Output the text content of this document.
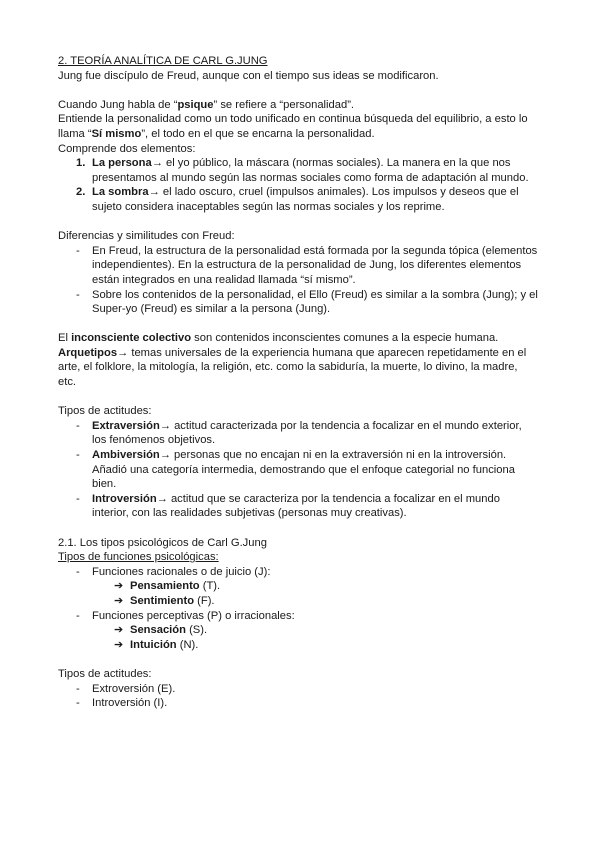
2. TEORÍA ANALÍTICA DE CARL G.JUNG

Jung fue discípulo de Freud, aunque con el tiempo sus ideas se modificaron.

Cuando Jung habla de “psique” se refiere a “personalidad”.

Entiende la personalidad como un todo unificado en continua búsqueda del equilibrio, a esto lo llama “Sí mismo”, el todo en el que se encarna la personalidad.

Comprende dos elementos:

1. La persona→ el yo público, la máscara (normas sociales). La manera en la que nos presentamos al mundo según las normas sociales como forma de adaptación al mundo.
2. La sombra→ el lado oscuro, cruel (impulsos animales). Los impulsos y deseos que el sujeto considera inaceptables según las normas sociales y los reprime.

Diferencias y similitudes con Freud:

- En Freud, la estructura de la personalidad está formada por la segunda tópica (elementos independientes). En la estructura de la personalidad de Jung, los diferentes elementos están integrados en una realidad llamada “sí mismo”.
- Sobre los contenidos de la personalidad, el Ello (Freud) es similar a la sombra (Jung); y el Super-yo (Freud) es similar a la persona (Jung).

El inconsciente colectivo son contenidos inconscientes comunes a la especie humana.

Arquetipos→ temas universales de la experiencia humana que aparecen repetidamente en el arte, el folklore, la mitología, la religión, etc. como la sabiduría, la muerte, lo divino, la madre, etc.

Tipos de actitudes:

- Extraversión→ actitud caracterizada por la tendencia a focalizar en el mundo exterior, los fenómenos objetivos.
- Ambiversión→ personas que no encajan ni en la extraversión ni en la introversión. Añadió una categoría intermedia, demostrando que el enfoque categorial no funciona bien.
- Introversión→ actitud que se caracteriza por la tendencia a focalizar en el mundo interior, con las realidades subjetivas (personas muy creativas).

2.1. Los tipos psicológicos de Carl G.Jung

Tipos de funciones psicológicas:

- Funciones racionales o de juicio (J):
➔ Pensamiento (T).
➔ Sentimiento (F).
- Funciones perceptivas (P) o irracionales:
➔ Sensación (S).
➔ Intuición (N).

Tipos de actitudes:

- Extroversión (E).
- Introversión (I).
